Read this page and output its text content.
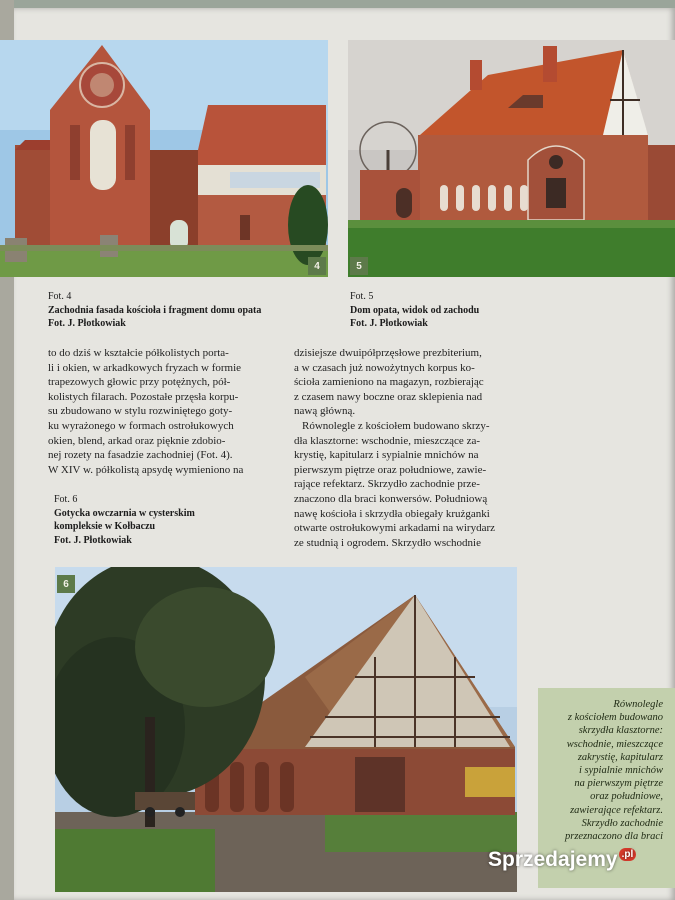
4	5
Fot. 4
Zachodnia fasada kościoła i fragment domu opata
Fot. J. Płotkowiak
Fot. 5
Dom opata, widok od zachodu
Fot. J. Płotkowiak
to do dziś w kształcie półkolistych porta-
li i okien, w arkadkowych fryzach w formie
trapezowych głowic przy potężnych, pół-
kolistych filarach. Pozostałe przęsła korpu-
su zbudowano w stylu rozwiniętego goty-
ku wyrażonego w formach ostrołukowych
okien, blend, arkad oraz pięknie zdobio-
nej rozety na fasadzie zachodniej (Fot. 4).
W XIV w. półkolistą apsydę wymieniono na
Fot. 6
Gotycka owczarnia w cysterskim
kompleksie w Kołbaczu
Fot. J. Płotkowiak
dzisiejsze dwuipółprzęsłowe prezbiterium,
a w czasach już nowożytnych korpus ko-
ścioła zamieniono na magazyn, rozbierając
z czasem nawy boczne oraz sklepienia nad
nawą główną.
Równolegle z kościołem budowano skrzy-
dła klasztorne: wschodnie, mieszczące za-
krystię, kapitularz i sypialnie mnichów na
pierwszym piętrze oraz południowe, zawie-
rające refektarz. Skrzydło zachodnie prze-
znaczono dla braci konwersów. Południową
nawę kościoła i skrzydła obiegały krużganki
otwarte ostrołukowymi arkadami na wirydarz
ze studnią i ogrodem. Skrzydło wschodnie
6
Równolegle
z kościołem budowano
skrzydła klasztorne:
wschodnie, mieszczące
zakrystię, kapitularz
i sypialnie mnichów
na pierwszym piętrze
oraz południowe,
zawierające refektarz.
Skrzydło zachodnie
przeznaczono dla braci
Sprzedajemy .pl
